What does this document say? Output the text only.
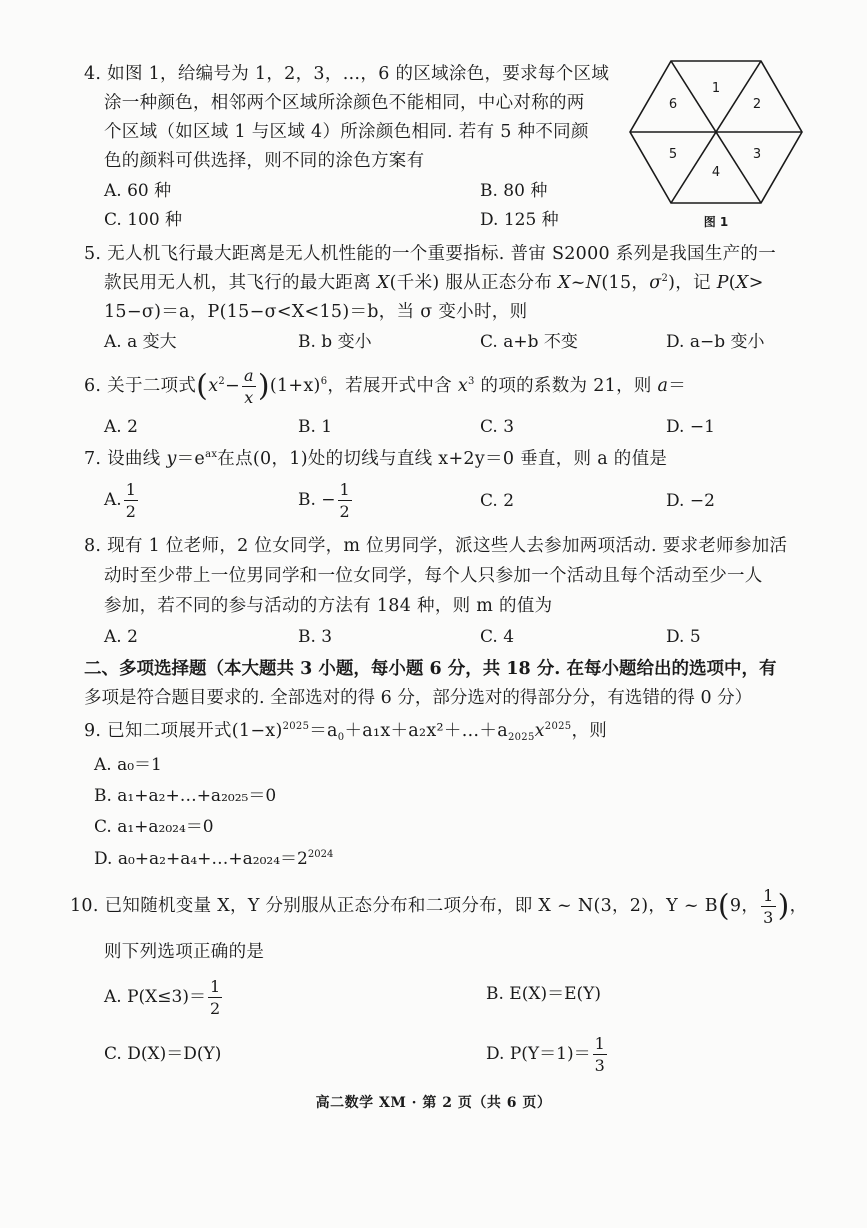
4. 如图 1，给编号为 1，2，3，…，6 的区域涂色，要求每个区域
涂一种颜色，相邻两个区域所涂颜色不能相同，中心对称的两
个区域（如区域 1 与区域 4）所涂颜色相同. 若有 5 种不同颜
色的颜料可供选择，则不同的涂色方案有
A. 60 种	B. 80 种
C. 100 种	D. 125 种
1
2
3
4
5
6
图 1
5. 无人机飞行最大距离是无人机性能的一个重要指标. 普宙 S2000 系列是我国生产的一
款民用无人机，其飞行的最大距离 X(千米) 服从正态分布 X~N(15，$\sigma^2$)，记 P(X>
15−σ)＝a，P(15−σ<X<15)＝b，当 σ 变小时，则
A. a 变大	B. b 变小	C. a+b 不变	D. a−b 变小
6. 关于二项式$(x^2- \frac{a}{x} )(1+x)^6$，若展开式中含 $x^3$ 的项的系数为 21，则 a＝
A. 2	B. 1	C. 3	D. −1
7. 设曲线 $y=e^{ax}$在点(0，1)处的切线与直线 x+2y＝0 垂直，则 a 的值是
A. $\frac{1}{2}$	B. − $\frac{1}{2}$	C. 2	D. −2
8. 现有 1 位老师，2 位女同学，m 位男同学，派这些人去参加两项活动. 要求老师参加活
动时至少带上一位男同学和一位女同学，每个人只参加一个活动且每个活动至少一人
参加，若不同的参与活动的方法有 184 种，则 m 的值为
A. 2	B. 3	C. 4	D. 5
二、多项选择题（本大题共 3 小题，每小题 6 分，共 18 分. 在每小题给出的选项中，有
多项是符合题目要求的. 全部选对的得 6 分，部分选对的得部分分，有选错的得 0 分）
9. 已知二项展开式$(1-x)^{2025}=a_0+a_1x+a_2x^2+\dots+a_{2025}x^{2025}$，则
A. a₀＝1
B. a₁+a₂+…+a₂₀₂₅＝0
C. a₁+a₂₀₂₄＝0
D. $a_0+a_2+a_4+\dots+a_{2024}=2^{2024}$
10. 已知随机变量 X，Y 分别服从正态分布和二项分布，即 X ~ N(3，2)，Y ~ B(9， $\frac{1}{3}$ )，
则下列选项正确的是
A. $P(X\le 3)= \frac{1}{2}$	B. E(X)＝E(Y)
C. D(X)＝D(Y)	D. $P(Y=1)= \frac{1}{3}$
高二数学 XM · 第 2 页（共 6 页）
